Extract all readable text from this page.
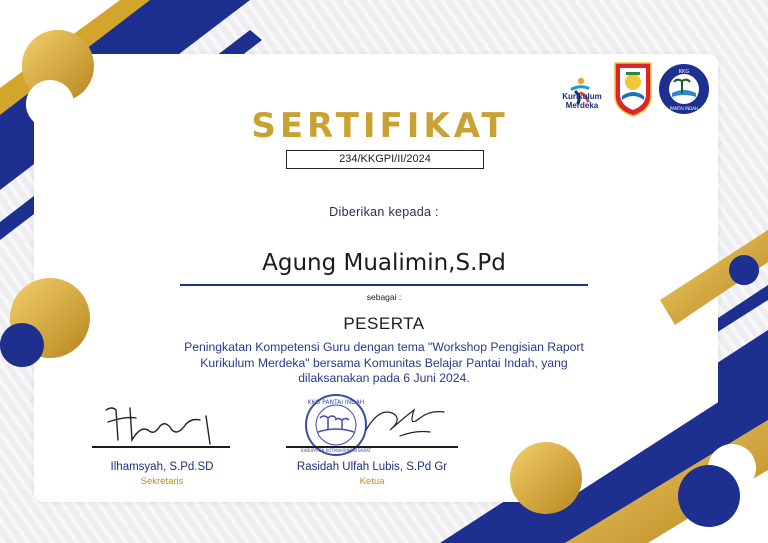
Kurikulum
Merdeka
KKG
PANTAI INDAH
SERTIFIKAT
234/KKGPI/II/2024
Diberikan kepada :
Agung Mualimin,S.Pd
sebagai :
PESERTA
Peningkatan Kompetensi Guru dengan tema "Workshop Pengisian Raport
Kurikulum Merdeka" bersama Komunitas Belajar Pantai Indah, yang
dilaksanakan pada 6 Juni 2024.
KKG PANTAI INDAH
KABUPATEN KOTAWARINGIN BARAT
Ilhamsyah, S.Pd.SD
Sekretaris
Rasidah Ulfah Lubis, S.Pd Gr
Ketua
